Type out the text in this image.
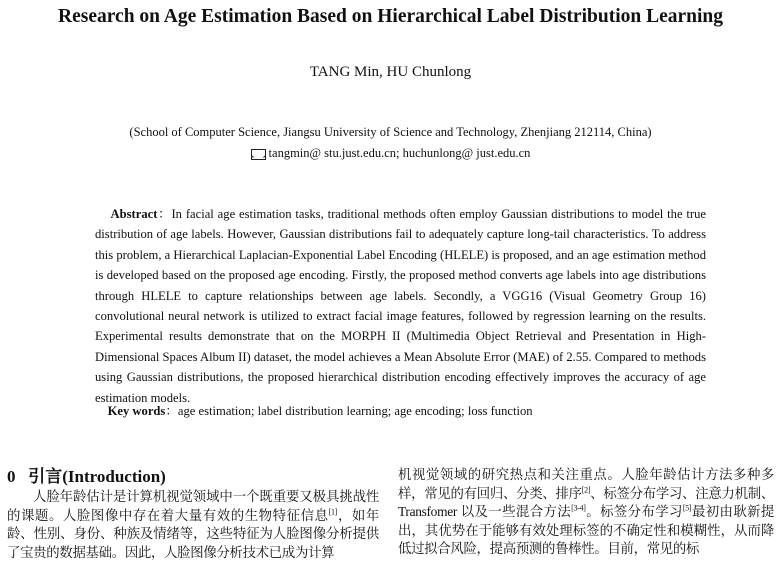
Research on Age Estimation Based on Hierarchical Label Distribution Learning
TANG Min, HU Chunlong
(School of Computer Science, Jiangsu University of Science and Technology, Zhenjiang 212114, China)
tangmin@ stu.just.edu.cn; huchunlong@ just.edu.cn
Abstract：In facial age estimation tasks, traditional methods often employ Gaussian distributions to model the true distribution of age labels. However, Gaussian distributions fail to adequately capture long-tail characteristics. To address this problem, a Hierarchical Laplacian-Exponential Label Encoding (HLELE) is proposed, and an age estimation method is developed based on the proposed age encoding. Firstly, the proposed method converts age labels into age distributions through HLELE to capture relationships between age labels. Secondly, a VGG16 (Visual Geometry Group 16) convolutional neural network is utilized to extract facial image features, followed by regression learning on the results. Experimental results demonstrate that on the MORPH II (Multimedia Object Retrieval and Presentation in High-Dimensional Spaces Album II) dataset, the model achieves a Mean Absolute Error (MAE) of 2.55. Compared to methods using Gaussian distributions, the proposed hierarchical distribution encoding effectively improves the accuracy of age estimation models.
Key words：age estimation; label distribution learning; age encoding; loss function
0 引言(Introduction)
人脸年龄估计是计算机视觉领域中一个既重要又极具挑战性的课题。人脸图像中存在着大量有效的生物特征信息[1]，如年龄、性别、身份、种族及情绪等，这些特征为人脸图像分析提供了宝贵的数据基础。因此，人脸图像分析技术已成为计算
机视觉领域的研究热点和关注重点。人脸年龄估计方法多种多样，常见的有回归、分类、排序[2]、标签分布学习、注意力机制、Transfomer 以及一些混合方法[3-4]。标签分布学习[5]最初由耿新提出，其优势在于能够有效处理标签的不确定性和模糊性，从而降低过拟合风险，提高预测的鲁棒性。目前，常见的标
